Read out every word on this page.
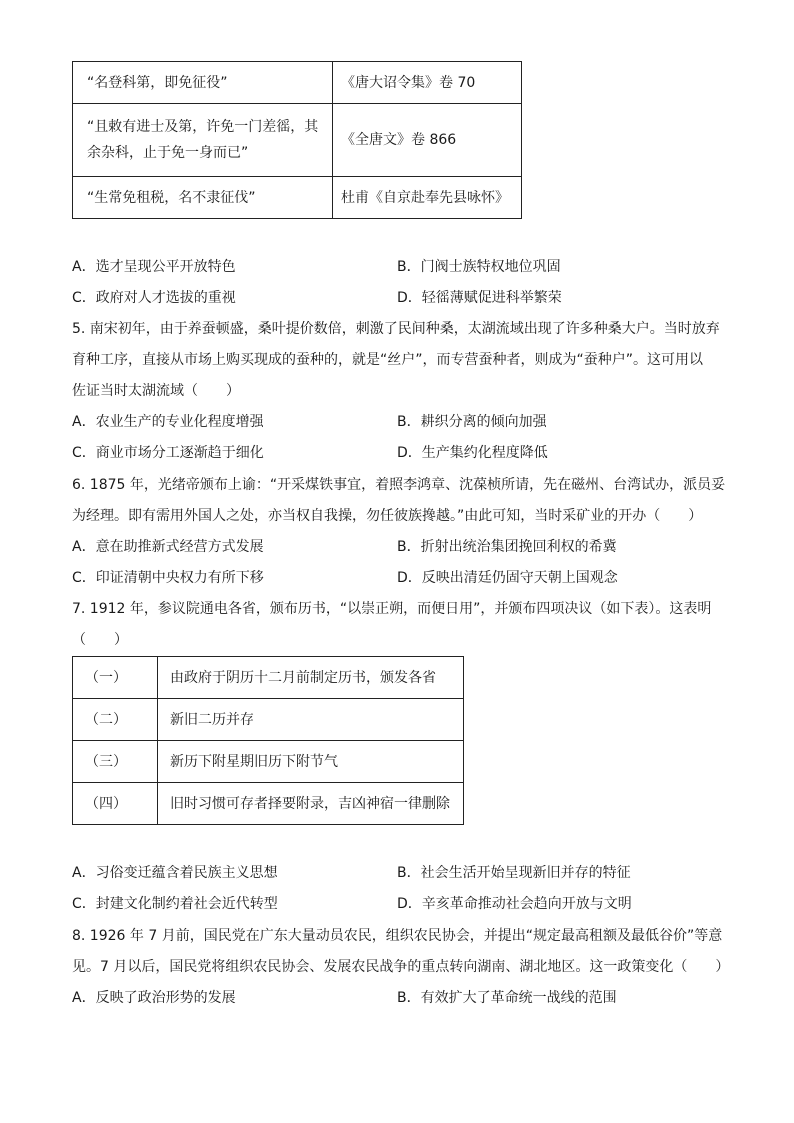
“名登科第，即免征役”	《唐大诏令集》卷 70

“且敕有进士及第，许免一门差徭，其
余杂科，止于免一身而已”	《全唐文》卷 866
“生常免租税，名不隶征伐”	杜甫《自京赴奉先县咏怀》
A．选才呈现公平开放特色	B．门阀士族特权地位巩固
C．政府对人才选拔的重视	D．轻徭薄赋促进科举繁荣
5. 南宋初年，由于养蚕顿盛，桑叶提价数倍，刺激了民间种桑，太湖流域出现了许多种桑大户。当时放弃
育种工序，直接从市场上购买现成的蚕种的，就是“丝户”，而专营蚕种者，则成为“蚕种户”。这可用以
佐证当时太湖流域（　　）
A．农业生产的专业化程度增强	B．耕织分离的倾向加强
C．商业市场分工逐渐趋于细化	D．生产集约化程度降低
6. 1875 年，光绪帝颁布上谕：“开采煤铁事宜，着照李鸿章、沈葆桢所请，先在磁州、台湾试办，派员妥
为经理。即有需用外国人之处，亦当权自我操，勿任彼族搀越。”由此可知，当时采矿业的开办（　　）
A．意在助推新式经营方式发展	B．折射出统治集团挽回利权的希冀
C．印证清朝中央权力有所下移	D．反映出清廷仍固守天朝上国观念
7. 1912 年，参议院通电各省，颁布历书，“以崇正朔，而便日用”，并颁布四项决议（如下表）。这表明
（　　）
（一）	由政府于阴历十二月前制定历书，颁发各省
（二）	新旧二历并存
（三）	新历下附星期旧历下附节气
（四）	旧时习惯可存者择要附录，吉凶神宿一律删除
A．习俗变迁蕴含着民族主义思想	B．社会生活开始呈现新旧并存的特征
C．封建文化制约着社会近代转型	D．辛亥革命推动社会趋向开放与文明
8. 1926 年 7 月前，国民党在广东大量动员农民，组织农民协会，并提出“规定最高租额及最低谷价”等意
见。7 月以后，国民党将组织农民协会、发展农民战争的重点转向湖南、湖北地区。这一政策变化（　　）
A．反映了政治形势的发展	B．有效扩大了革命统一战线的范围
